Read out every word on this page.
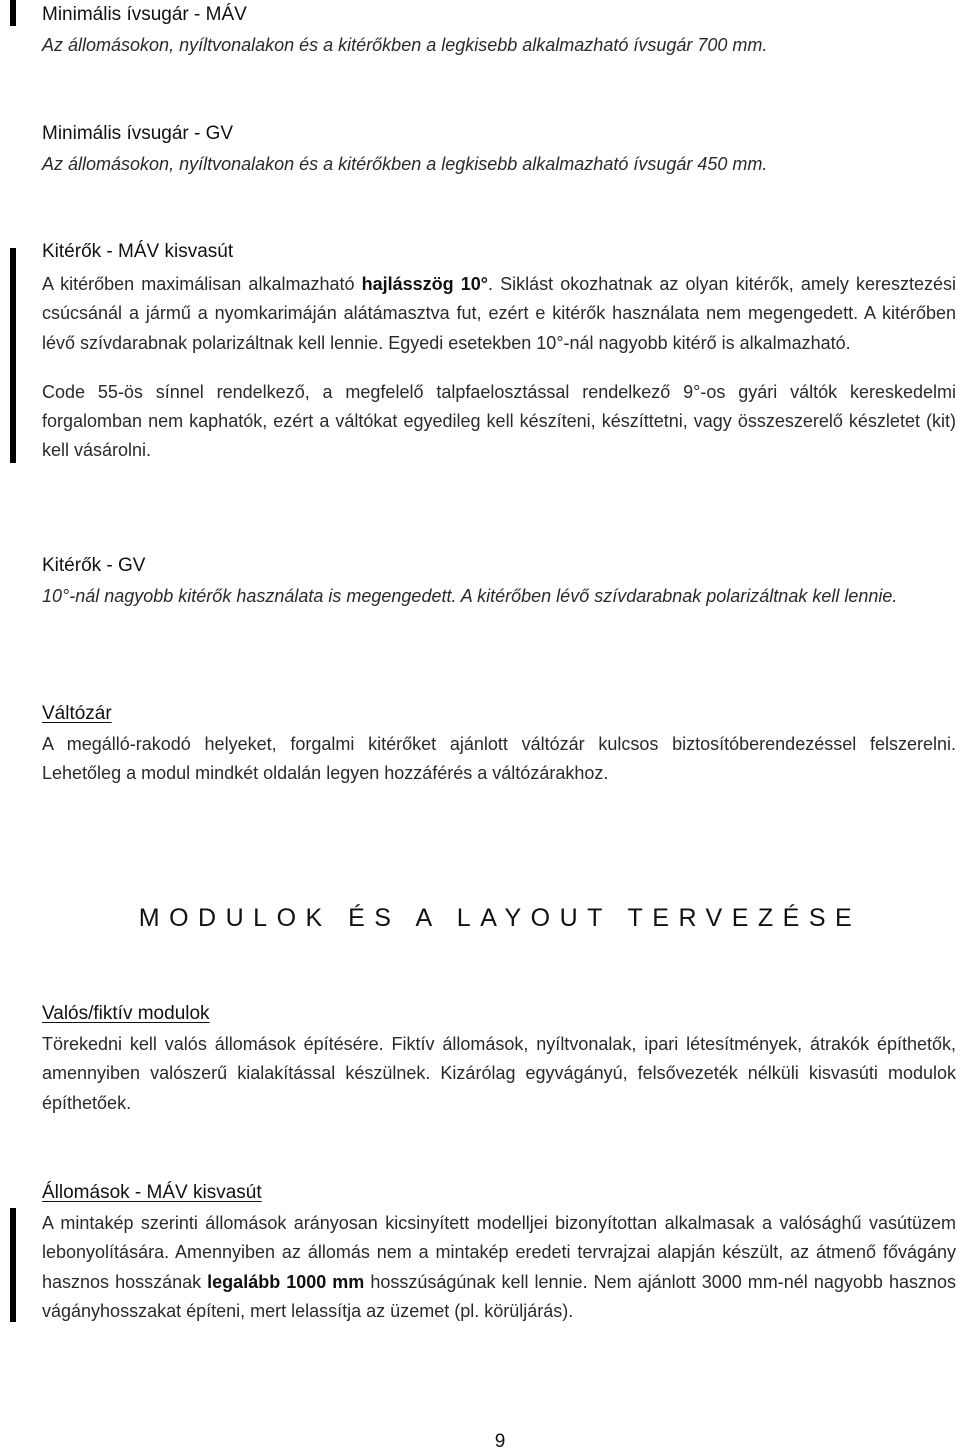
Minimális ívsugár - MÁV

Az állomásokon, nyíltvonalakon és a kitérőkben a legkisebb alkalmazható ívsugár 700 mm.

Minimális ívsugár - GV

Az állomásokon, nyíltvonalakon és a kitérőkben a legkisebb alkalmazható ívsugár 450 mm.

Kitérők - MÁV kisvasút

A kitérőben maximálisan alkalmazható hajlásszög 10°. Siklást okozhatnak az olyan kitérők, amely keresztezési csúcsánál a jármű a nyomkarimáján alátámasztva fut, ezért e kitérők használata nem megengedett. A kitérőben lévő szívdarabnak polarizáltnak kell lennie. Egyedi esetekben 10°-nál nagyobb kitérő is alkalmazható.

Code 55-ös sínnel rendelkező, a megfelelő talpfaelosztással rendelkező 9°-os gyári váltók kereskedelmi forgalomban nem kaphatók, ezért a váltókat egyedileg kell készíteni, készíttetni, vagy összeszerelő készletet (kit) kell vásárolni.

Kitérők - GV

10°-nál nagyobb kitérők használata is megengedett. A kitérőben lévő szívdarabnak polarizáltnak kell lennie.

Váltózár

A megálló-rakodó helyeket, forgalmi kitérőket ajánlott váltózár kulcsos biztosítóberendezéssel felszerelni. Lehetőleg a modul mindkét oldalán legyen hozzáférés a váltózárakhoz.

MODULOK ÉS A LAYOUT TERVEZÉSE
Valós/fiktív modulok

Törekedni kell valós állomások építésére. Fiktív állomások, nyíltvonalak, ipari létesítmények, átrakók építhetők, amennyiben valószerű kialakítással készülnek. Kizárólag egyvágányú, felsővezeték nélküli kisvasúti modulok építhetőek.

Állomások - MÁV kisvasút

A mintakép szerinti állomások arányosan kicsinyített modelljei bizonyítottan alkalmasak a valósághű vasútüzem lebonyolítására. Amennyiben az állomás nem a mintakép eredeti tervrajzai alapján készült, az átmenő fővágány hasznos hosszának legalább 1000 mm hosszúságúnak kell lennie. Nem ajánlott 3000 mm-nél nagyobb hasznos vágányhosszakat építeni, mert lelassítja az üzemet (pl. körüljárás).

9
